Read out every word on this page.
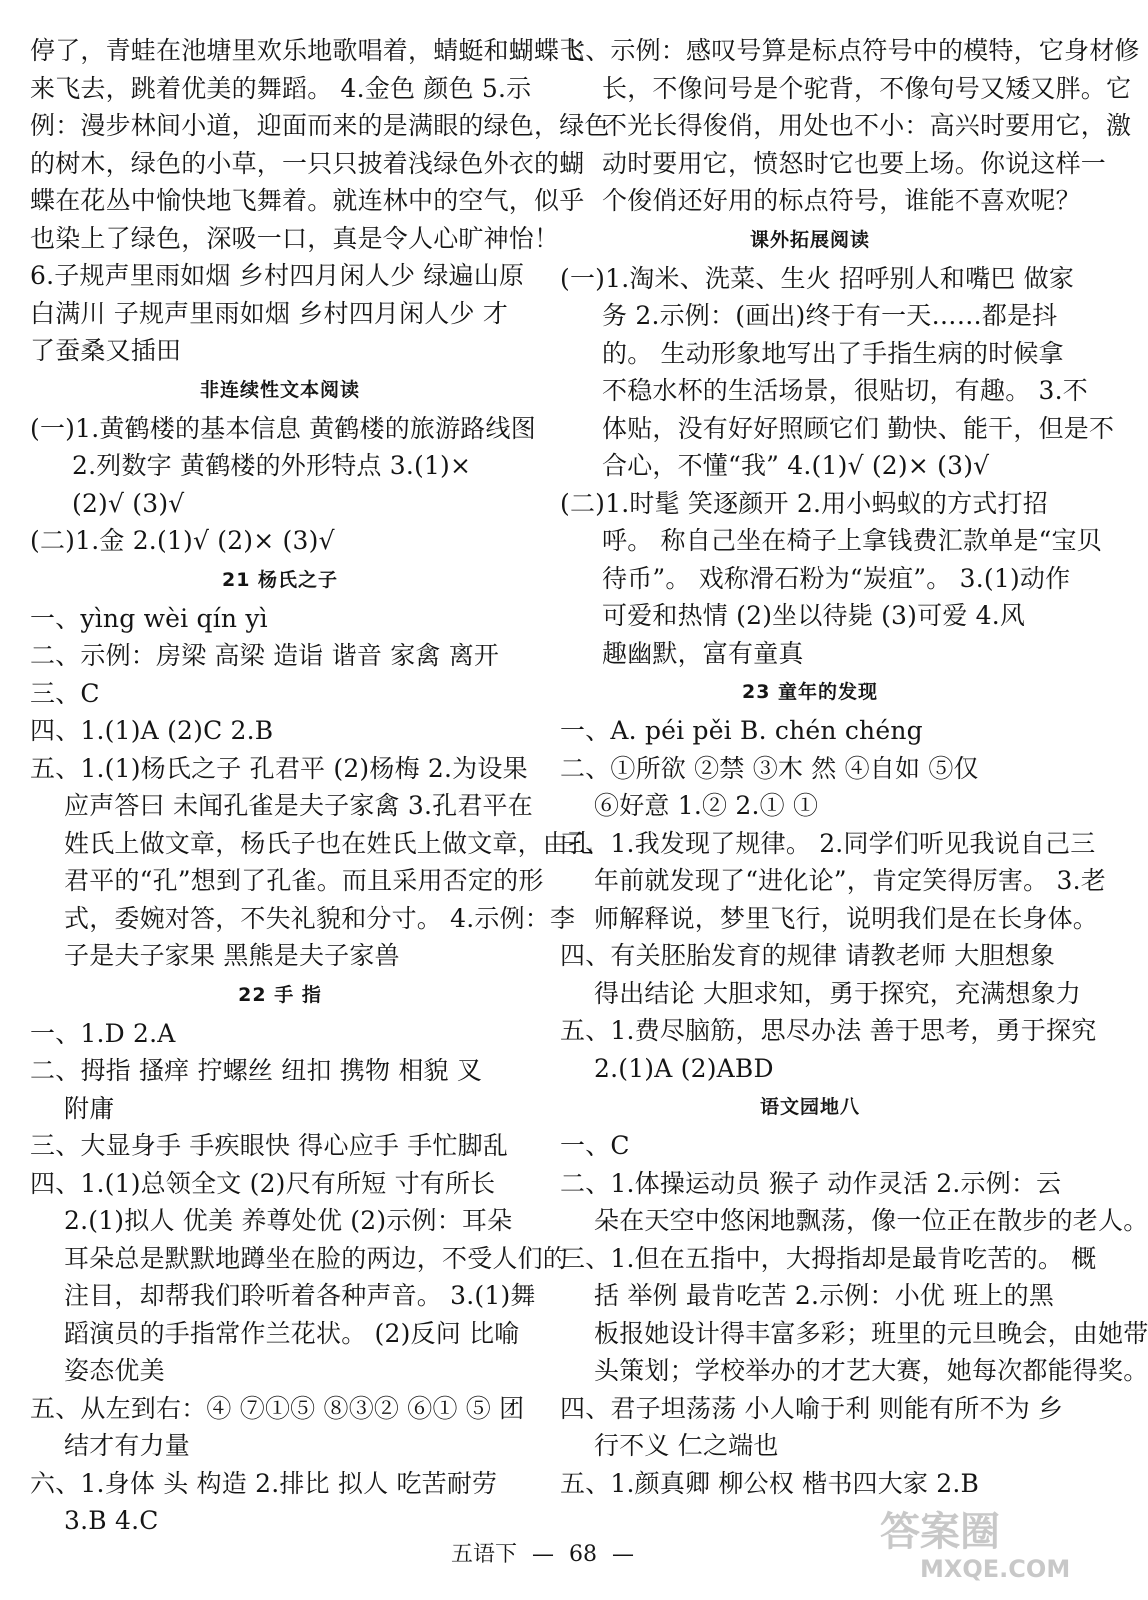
停了，青蛙在池塘里欢乐地歌唱着，蜻蜓和蝴蝶飞
来飞去，跳着优美的舞蹈。 4.金色 颜色 5.示
例：漫步林间小道，迎面而来的是满眼的绿色，绿色
的树木，绿色的小草，一只只披着浅绿色外衣的蝴
蝶在花丛中愉快地飞舞着。就连林中的空气，似乎
也染上了绿色，深吸一口，真是令人心旷神怡！
6.子规声里雨如烟 乡村四月闲人少 绿遍山原
白满川 子规声里雨如烟 乡村四月闲人少 才
了蚕桑又插田
非连续性文本阅读
(一)1.黄鹤楼的基本信息 黄鹤楼的旅游路线图
2.列数字 黄鹤楼的外形特点 3.(1)×
(2)√ (3)√
(二)1.金 2.(1)√ (2)× (3)√
21 杨氏之子
一、yìng wèi qín yì
二、示例：房梁 高梁 造诣 谐音 家禽 离开
三、C
四、1.(1)A (2)C 2.B
五、1.(1)杨氏之子 孔君平 (2)杨梅 2.为设果
应声答曰 未闻孔雀是夫子家禽 3.孔君平在
姓氏上做文章，杨氏子也在姓氏上做文章，由孔
君平的“孔”想到了孔雀。而且采用否定的形
式，委婉对答，不失礼貌和分寸。 4.示例：李
子是夫子家果 黑熊是夫子家兽
22 手 指
一、1.D 2.A
二、拇指 搔痒 拧螺丝 纽扣 携物 相貌 叉
附庸
三、大显身手 手疾眼快 得心应手 手忙脚乱
四、1.(1)总领全文 (2)尺有所短 寸有所长
2.(1)拟人 优美 养尊处优 (2)示例：耳朵
耳朵总是默默地蹲坐在脸的两边，不受人们的
注目，却帮我们聆听着各种声音。 3.(1)舞
蹈演员的手指常作兰花状。 (2)反问 比喻
姿态优美
五、从左到右：④ ⑦①⑤ ⑧③② ⑥① ⑤ 团
结才有力量
六、1.身体 头 构造 2.排比 拟人 吃苦耐劳
3.B 4.C
七、示例：感叹号算是标点符号中的模特，它身材修
长，不像问号是个驼背，不像句号又矮又胖。它
不光长得俊俏，用处也不小：高兴时要用它，激
动时要用它，愤怒时它也要上场。你说这样一
个俊俏还好用的标点符号，谁能不喜欢呢？
课外拓展阅读
(一)1.淘米、洗菜、生火 招呼别人和嘴巴 做家
务 2.示例：(画出)终于有一天……都是抖
的。 生动形象地写出了手指生病的时候拿
不稳水杯的生活场景，很贴切，有趣。 3.不
体贴，没有好好照顾它们 勤快、能干，但是不
合心，不懂“我” 4.(1)√ (2)× (3)√
(二)1.时髦 笑逐颜开 2.用小蚂蚁的方式打招
呼。 称自己坐在椅子上拿钱费汇款单是“宝贝
待币”。 戏称滑石粉为“炭疽”。 3.(1)动作
可爱和热情 (2)坐以待毙 (3)可爱 4.风
趣幽默，富有童真
23 童年的发现
一、A. péi pěi B. chén chéng
二、①所欲 ②禁 ③木 然 ④自如 ⑤仅
⑥好意 1.② 2.① ①
三、1.我发现了规律。 2.同学们听见我说自己三
年前就发现了“进化论”，肯定笑得厉害。 3.老
师解释说，梦里飞行，说明我们是在长身体。
四、有关胚胎发育的规律 请教老师 大胆想象
得出结论 大胆求知，勇于探究，充满想象力
五、1.费尽脑筋，思尽办法 善于思考，勇于探究
2.(1)A (2)ABD
语文园地八
一、C
二、1.体操运动员 猴子 动作灵活 2.示例：云
朵在天空中悠闲地飘荡，像一位正在散步的老人。
三、1.但在五指中，大拇指却是最肯吃苦的。 概
括 举例 最肯吃苦 2.示例：小优 班上的黑
板报她设计得丰富多彩；班里的元旦晚会，由她带
头策划；学校举办的才艺大赛，她每次都能得奖。
四、君子坦荡荡 小人喻于利 则能有所不为 乡
行不义 仁之端也
五、1.颜真卿 柳公权 楷书四大家 2.B
五语下 — 68 —	答案圈
MXQE.COM
